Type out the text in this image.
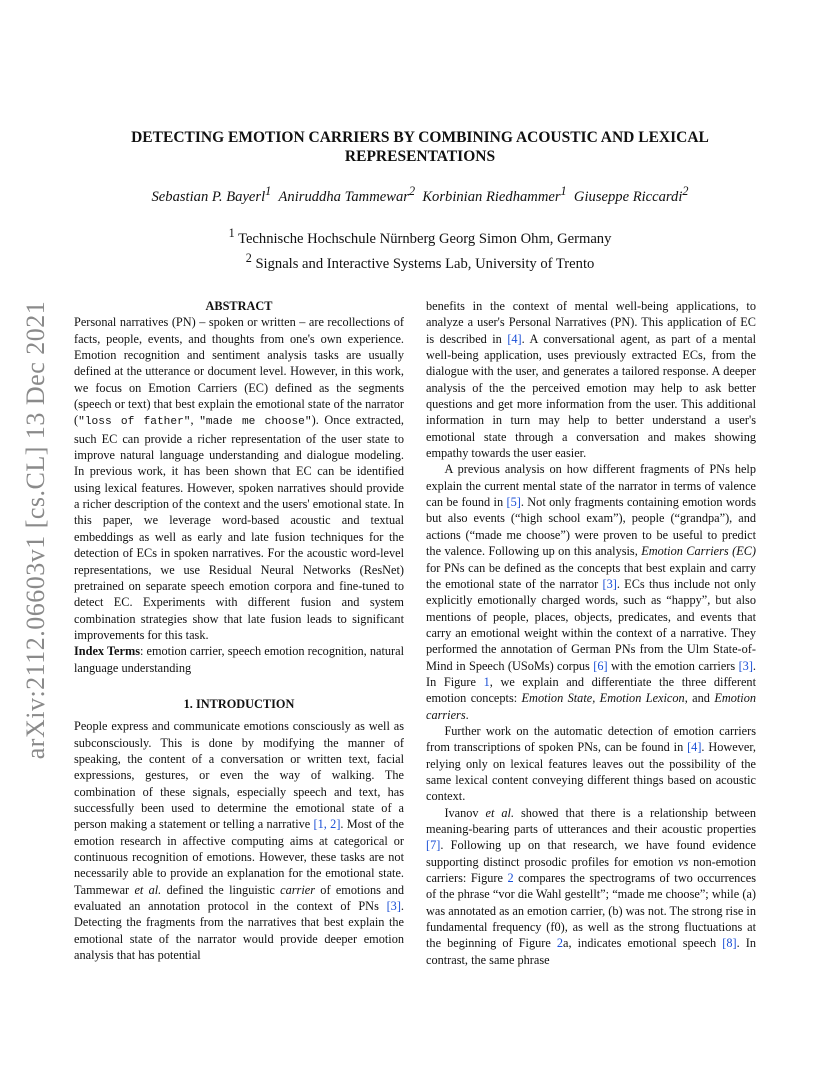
arXiv:2112.06603v1 [cs.CL] 13 Dec 2021
DETECTING EMOTION CARRIERS BY COMBINING ACOUSTIC AND LEXICAL
REPRESENTATIONS
Sebastian P. Bayerl$^1$ Aniruddha Tammewar$^2$ Korbinian Riedhammer$^1$ Giuseppe Riccardi$^2$
$^1$ Technische Hochschule Nürnberg Georg Simon Ohm, Germany
$^2$ Signals and Interactive Systems Lab, University of Trento

ABSTRACT

Personal narratives (PN) – spoken or written – are recollections of facts, people, events, and thoughts from one's own experience. Emotion recognition and sentiment analysis tasks are usually defined at the utterance or document level. However, in this work, we focus on Emotion Carriers (EC) defined as the segments (speech or text) that best explain the emotional state of the narrator ("loss of father", "made me choose"). Once extracted, such EC can provide a richer representation of the user state to improve natural language understanding and dialogue modeling. In previous work, it has been shown that EC can be identified using lexical features. However, spoken narratives should provide a richer description of the context and the users' emotional state. In this paper, we leverage word-based acoustic and textual embeddings as well as early and late fusion techniques for the detection of ECs in spoken narratives. For the acoustic word-level representations, we use Residual Neural Networks (ResNet) pretrained on separate speech emotion corpora and fine-tuned to detect EC. Experiments with different fusion and system combination strategies show that late fusion leads to significant improvements for this task.

Index Terms: emotion carrier, speech emotion recognition, natural language understanding

1. INTRODUCTION

People express and communicate emotions consciously as well as subconsciously. This is done by modifying the manner of speaking, the content of a conversation or written text, facial expressions, gestures, or even the way of walking. The combination of these signals, especially speech and text, has successfully been used to determine the emotional state of a person making a statement or telling a narrative [1, 2]. Most of the emotion research in affective computing aims at categorical or continuous recognition of emotions. However, these tasks are not necessarily able to provide an explanation for the emotional state. Tammewar et al. defined the linguistic carrier of emotions and evaluated an annotation protocol in the context of PNs [3]. Detecting the fragments from the narratives that best explain the emotional state of the narrator would provide deeper emotion analysis that has potential

benefits in the context of mental well-being applications, to analyze a user's Personal Narratives (PN). This application of EC is described in [4]. A conversational agent, as part of a mental well-being application, uses previously extracted ECs, from the dialogue with the user, and generates a tailored response. A deeper analysis of the the perceived emotion may help to ask better questions and get more information from the user. This additional information in turn may help to better understand a user's emotional state through a conversation and makes showing empathy towards the user easier.

A previous analysis on how different fragments of PNs help explain the current mental state of the narrator in terms of valence can be found in [5]. Not only fragments containing emotion words but also events (“high school exam”), people (“grandpa”), and actions (“made me choose”) were proven to be useful to predict the valence. Following up on this analysis, Emotion Carriers (EC) for PNs can be defined as the concepts that best explain and carry the emotional state of the narrator [3]. ECs thus include not only explicitly emotionally charged words, such as “happy”, but also mentions of people, places, objects, predicates, and events that carry an emotional weight within the context of a narrative. They performed the annotation of German PNs from the Ulm State-of-Mind in Speech (USoMs) corpus [6] with the emotion carriers [3]. In Figure 1, we explain and differentiate the three different emotion concepts: Emotion State, Emotion Lexicon, and Emotion carriers.

Further work on the automatic detection of emotion carriers from transcriptions of spoken PNs, can be found in [4]. However, relying only on lexical features leaves out the possibility of the same lexical content conveying different things based on acoustic context.

Ivanov et al. showed that there is a relationship between meaning-bearing parts of utterances and their acoustic properties [7]. Following up on that research, we have found evidence supporting distinct prosodic profiles for emotion vs non-emotion carriers: Figure 2 compares the spectrograms of two occurrences of the phrase “vor die Wahl gestellt”; “made me choose”; while (a) was annotated as an emotion carrier, (b) was not. The strong rise in fundamental frequency (f0), as well as the strong fluctuations at the beginning of Figure 2a, indicates emotional speech [8]. In contrast, the same phrase
